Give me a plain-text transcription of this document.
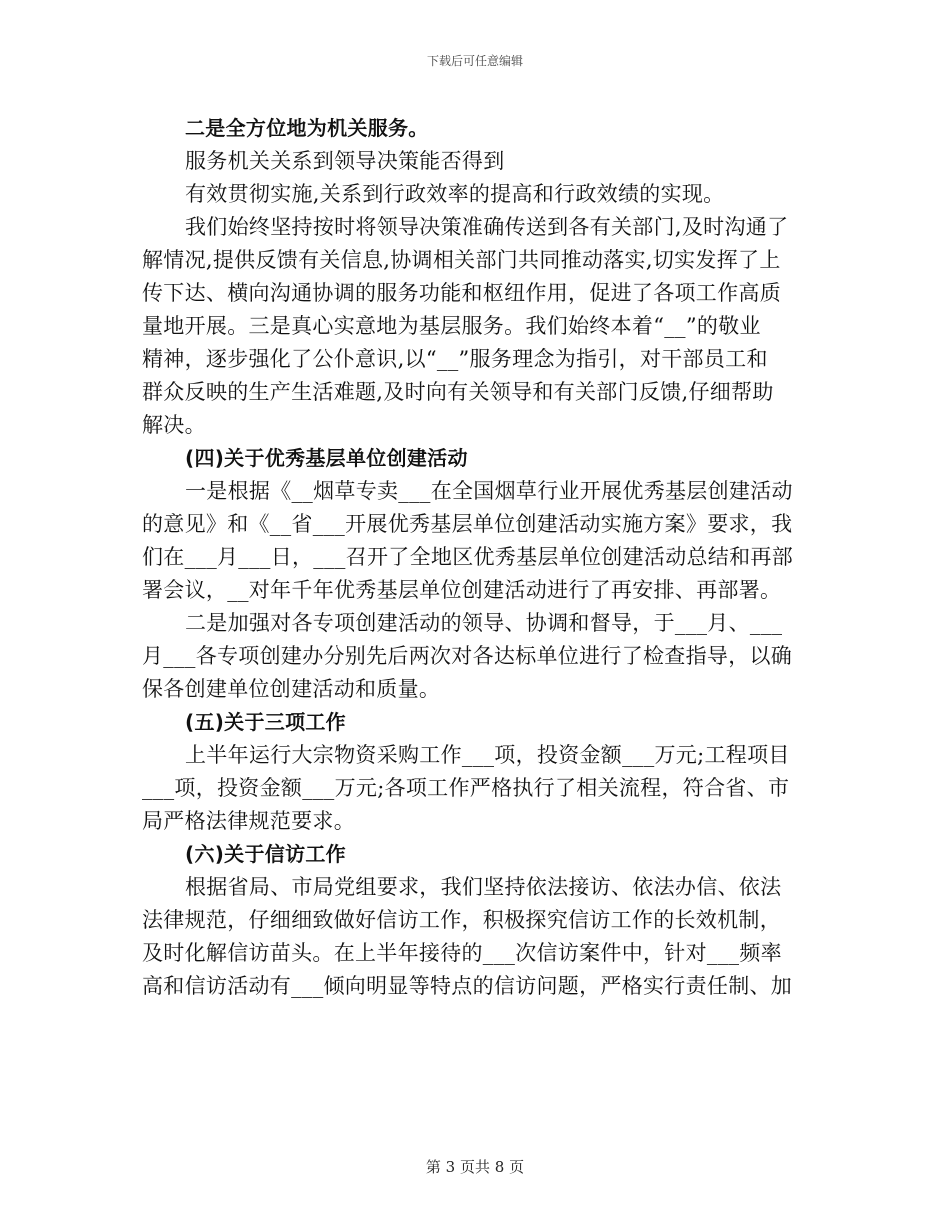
下载后可任意编辑
二是全方位地为机关服务。
服务机关关系到领导决策能否得到
有效贯彻实施,关系到行政效率的提高和行政效绩的实现。
我们始终坚持按时将领导决策准确传送到各有关部门,及时沟通了
解情况,提供反馈有关信息,协调相关部门共同推动落实,切实发挥了上
传下达、横向沟通协调的服务功能和枢纽作用，促进了各项工作高质
量地开展。三是真心实意地为基层服务。我们始终本着“__”的敬业
精神，逐步强化了公仆意识,以“__”服务理念为指引，对干部员工和
群众反映的生产生活难题,及时向有关领导和有关部门反馈,仔细帮助
解决。
(四)关于优秀基层单位创建活动
一是根据《__烟草专卖___在全国烟草行业开展优秀基层创建活动
的意见》和《__省___开展优秀基层单位创建活动实施方案》要求，我
们在___月___日，___召开了全地区优秀基层单位创建活动总结和再部
署会议，__对年千年优秀基层单位创建活动进行了再安排、再部署。
二是加强对各专项创建活动的领导、协调和督导，于___月、___
月___各专项创建办分别先后两次对各达标单位进行了检查指导，以确
保各创建单位创建活动和质量。
(五)关于三项工作
上半年运行大宗物资采购工作___项，投资金额___万元;工程项目
___项，投资金额___万元;各项工作严格执行了相关流程，符合省、市
局严格法律规范要求。
(六)关于信访工作
根据省局、市局党组要求，我们坚持依法接访、依法办信、依法
法律规范，仔细细致做好信访工作，积极探究信访工作的长效机制，
及时化解信访苗头。在上半年接待的___次信访案件中，针对___频率
高和信访活动有___倾向明显等特点的信访问题，严格实行责任制、加
第 3 页共 8 页
